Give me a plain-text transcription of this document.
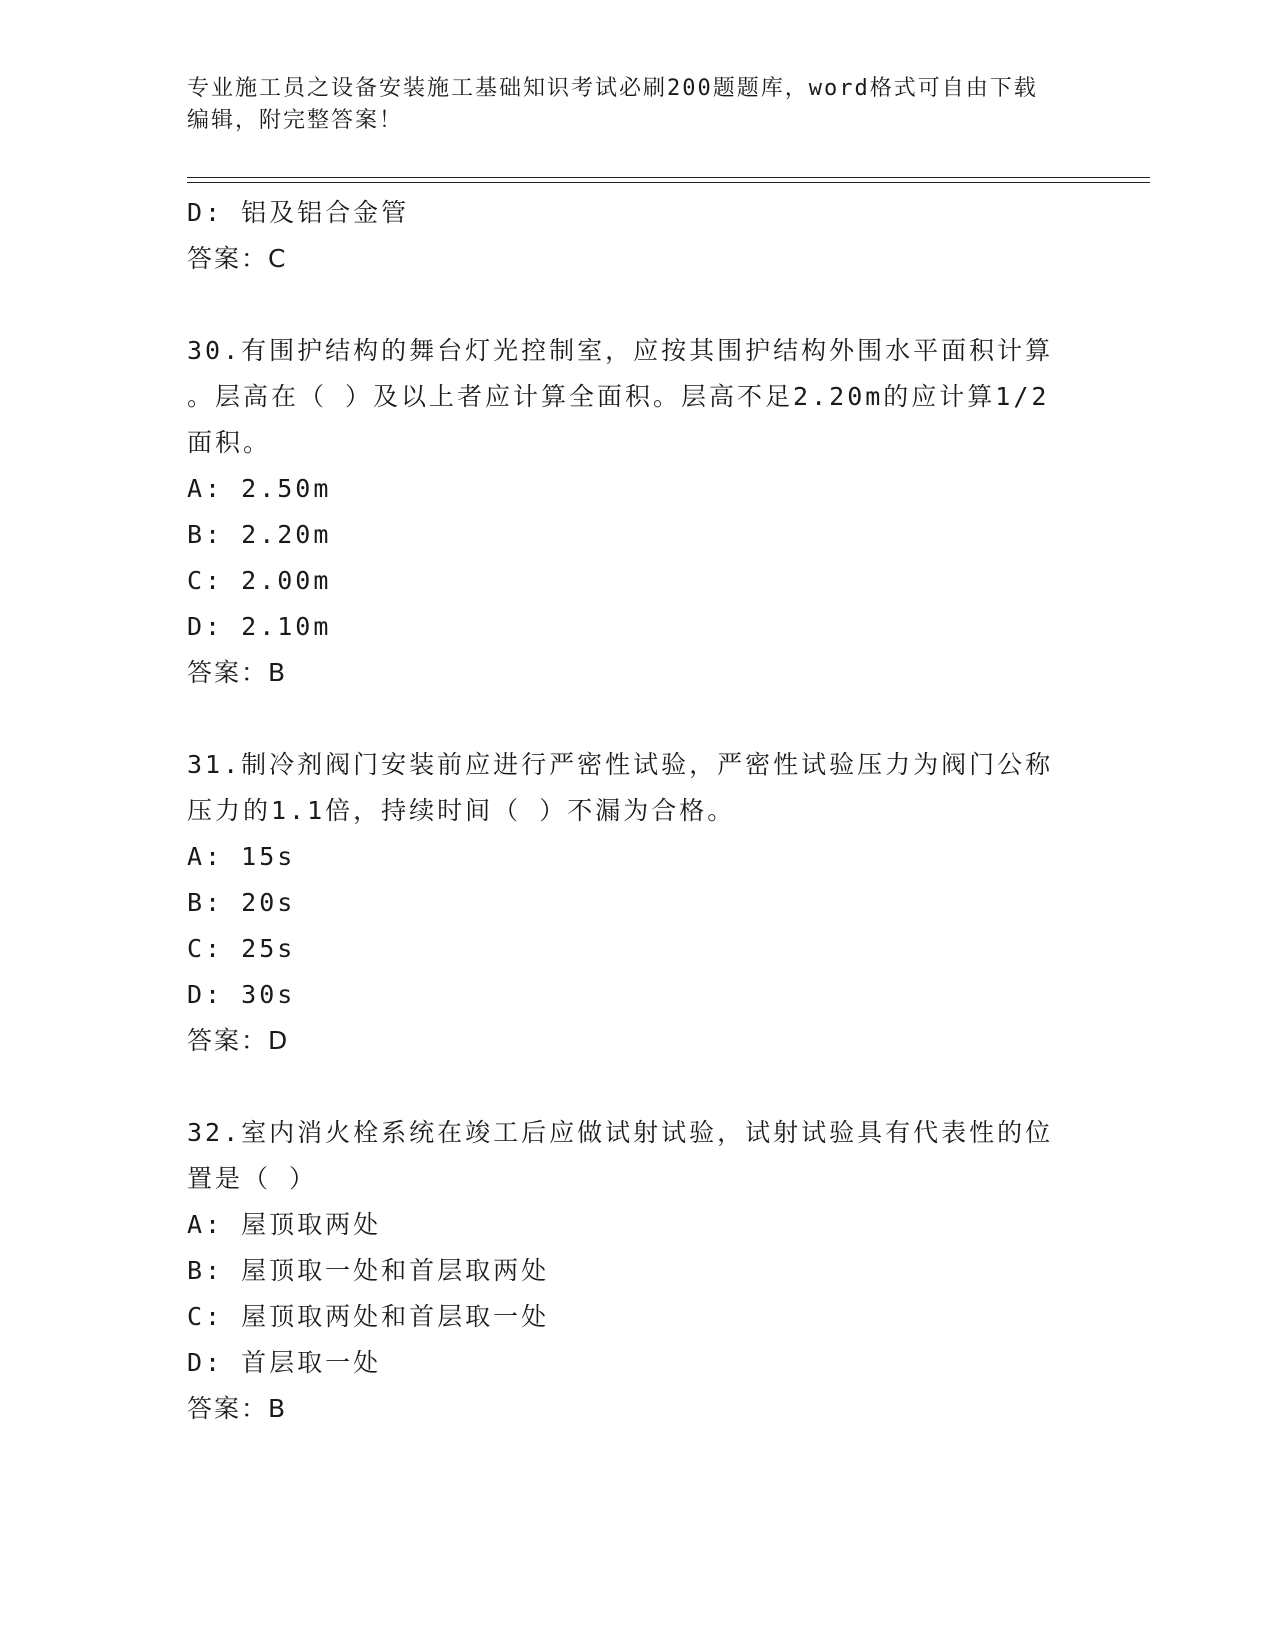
专业施工员之设备安装施工基础知识考试必刷200题题库，word格式可自由下载
编辑，附完整答案！
D: 铝及铝合金管
答案：C
30.有围护结构的舞台灯光控制室，应按其围护结构外围水平面积计算
。层高在（ ）及以上者应计算全面积。层高不足2.20m的应计算1/2
面积。
A: 2.50m
B: 2.20m
C: 2.00m
D: 2.10m
答案：B
31.制冷剂阀门安装前应进行严密性试验，严密性试验压力为阀门公称
压力的1.1倍，持续时间（ ）不漏为合格。
A: 15s
B: 20s
C: 25s
D: 30s
答案：D
32.室内消火栓系统在竣工后应做试射试验，试射试验具有代表性的位
置是（ ）
A: 屋顶取两处
B: 屋顶取一处和首层取两处
C: 屋顶取两处和首层取一处
D: 首层取一处
答案：B
